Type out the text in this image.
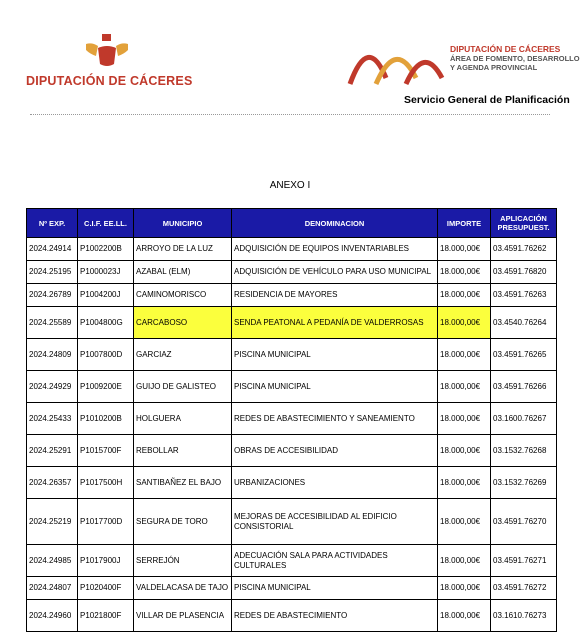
DIPUTACIÓN DE CÁCERES
DIPUTACIÓN DE CÁCERES
ÁREA DE FOMENTO, DESARROLLO
Y AGENDA PROVINCIAL
Servicio General de Planificación
ANEXO I
Nº EXP.	C.I.F. EE.LL.	MUNICIPIO	DENOMINACION	IMPORTE	APLICACIÓN PRESUPUEST.
2024.24914	P1002200B	ARROYO DE LA LUZ	ADQUISICIÓN DE EQUIPOS INVENTARIABLES	18.000,00€	03.4591.76262
2024.25195	P1000023J	AZABAL (ELM)	ADQUISICIÓN DE VEHÍCULO PARA USO MUNICIPAL	18.000,00€	03.4591.76820
2024.26789	P1004200J	CAMINOMORISCO	RESIDENCIA DE MAYORES	18.000,00€	03.4591.76263
2024.25589	P1004800G	CARCABOSO	SENDA PEATONAL A PEDANÍA DE VALDERROSAS	18.000,00€	03.4540.76264
2024.24809	P1007800D	GARCIAZ	PISCINA MUNICIPAL	18.000,00€	03.4591.76265
2024.24929	P1009200E	GUIJO DE GALISTEO	PISCINA MUNICIPAL	18.000,00€	03.4591.76266
2024.25433	P1010200B	HOLGUERA	REDES DE ABASTECIMIENTO Y SANEAMIENTO	18.000,00€	03.1600.76267
2024.25291	P1015700F	REBOLLAR	OBRAS DE ACCESIBILIDAD	18.000,00€	03.1532.76268
2024.26357	P1017500H	SANTIBAÑEZ EL BAJO	URBANIZACIONES	18.000,00€	03.1532.76269
2024.25219	P1017700D	SEGURA DE TORO	MEJORAS DE ACCESIBILIDAD AL EDIFICIO CONSISTORIAL	18.000,00€	03.4591.76270
2024.24985	P1017900J	SERREJÓN	ADECUACIÓN SALA PARA ACTIVIDADES CULTURALES	18.000,00€	03.4591.76271
2024.24807	P1020400F	VALDELACASA DE TAJO	PISCINA MUNICIPAL	18.000,00€	03.4591.76272
2024.24960	P1021800F	VILLAR DE PLASENCIA	REDES DE ABASTECIMIENTO	18.000,00€	03.1610.76273
